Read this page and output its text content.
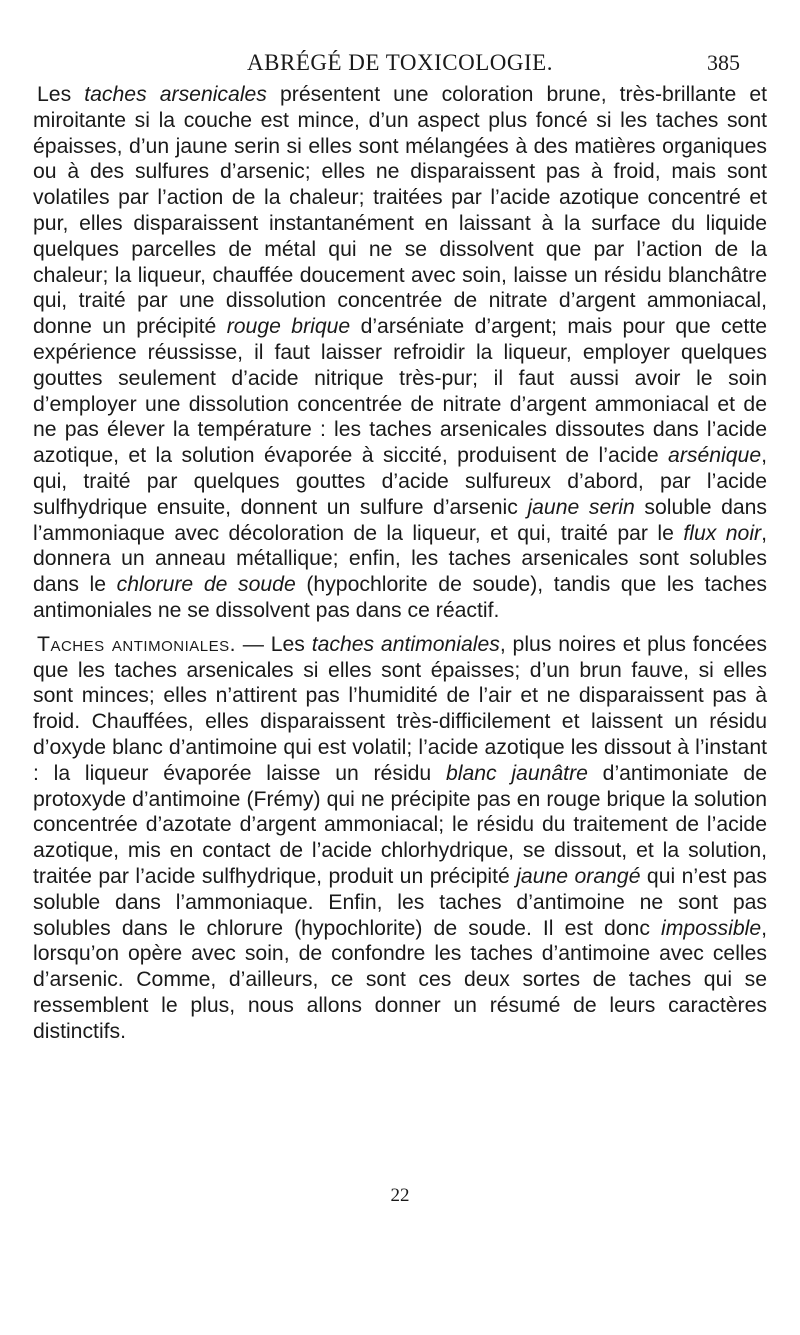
ABRÉGÉ DE TOXICOLOGIE.	385

Les taches arsenicales présentent une coloration brune, très-brillante et miroitante si la couche est mince, d’un aspect plus foncé si les taches sont épaisses, d’un jaune serin si elles sont mélangées à des matières organiques ou à des sulfures d’arsenic; elles ne disparaissent pas à froid, mais sont volatiles par l’action de la chaleur; traitées par l’acide azotique concentré et pur, elles disparaissent instantanément en laissant à la surface du liquide quelques parcelles de métal qui ne se dissolvent que par l’action de la chaleur; la liqueur, chauffée doucement avec soin, laisse un résidu blanchâtre qui, traité par une dissolution concentrée de nitrate d’argent ammoniacal, donne un précipité rouge brique d’arséniate d’argent; mais pour que cette expérience réussisse, il faut laisser refroidir la liqueur, employer quelques gouttes seulement d’acide nitrique très-pur; il faut aussi avoir le soin d’employer une dissolution concentrée de nitrate d’argent ammoniacal et de ne pas élever la température : les taches arsenicales dissoutes dans l’acide azotique, et la solution évaporée à siccité, produisent de l’acide arsénique, qui, traité par quelques gouttes d’acide sulfureux d’abord, par l’acide sulfhydrique ensuite, donnent un sulfure d’arsenic jaune serin soluble dans l’ammoniaque avec décoloration de la liqueur, et qui, traité par le flux noir, donnera un anneau métallique; enfin, les taches arsenicales sont solubles dans le chlorure de soude (hypochlorite de soude), tandis que les taches antimoniales ne se dissolvent pas dans ce réactif.

Taches antimoniales. — Les taches antimoniales, plus noires et plus foncées que les taches arsenicales si elles sont épaisses; d’un brun fauve, si elles sont minces; elles n’attirent pas l’humidité de l’air et ne disparaissent pas à froid. Chauffées, elles disparaissent très-difficilement et laissent un résidu d’oxyde blanc d’antimoine qui est volatil; l’acide azotique les dissout à l’instant : la liqueur évaporée laisse un résidu blanc jaunâtre d’antimoniate de protoxyde d’antimoine (Frémy) qui ne précipite pas en rouge brique la solution concentrée d’azotate d’argent ammoniacal; le résidu du traitement de l’acide azotique, mis en contact de l’acide chlorhydrique, se dissout, et la solution, traitée par l’acide sulfhydrique, produit un précipité jaune orangé qui n’est pas soluble dans l’ammoniaque. Enfin, les taches d’antimoine ne sont pas solubles dans le chlorure (hypochlorite) de soude. Il est donc impossible, lorsqu’on opère avec soin, de confondre les taches d’antimoine avec celles d’arsenic. Comme, d’ailleurs, ce sont ces deux sortes de taches qui se ressemblent le plus, nous allons donner un résumé de leurs caractères distinctifs.

22
